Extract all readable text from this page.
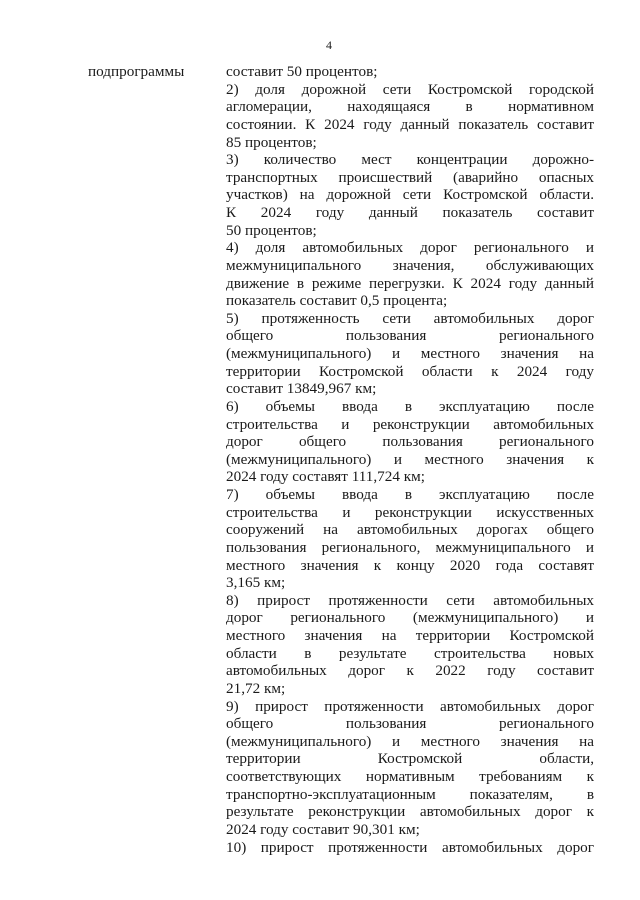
4
подпрограммы	составит 50 процентов;
2) доля дорожной сети Костромской городской
агломерации, находящаяся в нормативном
состоянии. К 2024 году данный показатель составит
85 процентов;
3) количество мест концентрации дорожно-
транспортных происшествий (аварийно опасных
участков) на дорожной сети Костромской области.
К 2024 году данный показатель составит
50 процентов;
4) доля автомобильных дорог регионального и
межмуниципального значения, обслуживающих
движение в режиме перегрузки. К 2024 году данный
показатель составит 0,5 процента;
5) протяженность сети автомобильных дорог
общего пользования регионального
(межмуниципального) и местного значения на
территории Костромской области к 2024 году
составит 13849,967 км;
6) объемы ввода в эксплуатацию после
строительства и реконструкции автомобильных
дорог общего пользования регионального
(межмуниципального) и местного значения к
2024 году составят 111,724 км;
7) объемы ввода в эксплуатацию после
строительства и реконструкции искусственных
сооружений на автомобильных дорогах общего
пользования регионального, межмуниципального и
местного значения к концу 2020 года составят
3,165 км;
8) прирост протяженности сети автомобильных
дорог регионального (межмуниципального) и
местного значения на территории Костромской
области в результате строительства новых
автомобильных дорог к 2022 году составит
21,72 км;
9) прирост протяженности автомобильных дорог
общего пользования регионального
(межмуниципального) и местного значения на
территории Костромской области,
соответствующих нормативным требованиям к
транспортно-эксплуатационным показателям, в
результате реконструкции автомобильных дорог к
2024 году составит 90,301 км;
10) прирост протяженности автомобильных дорог
